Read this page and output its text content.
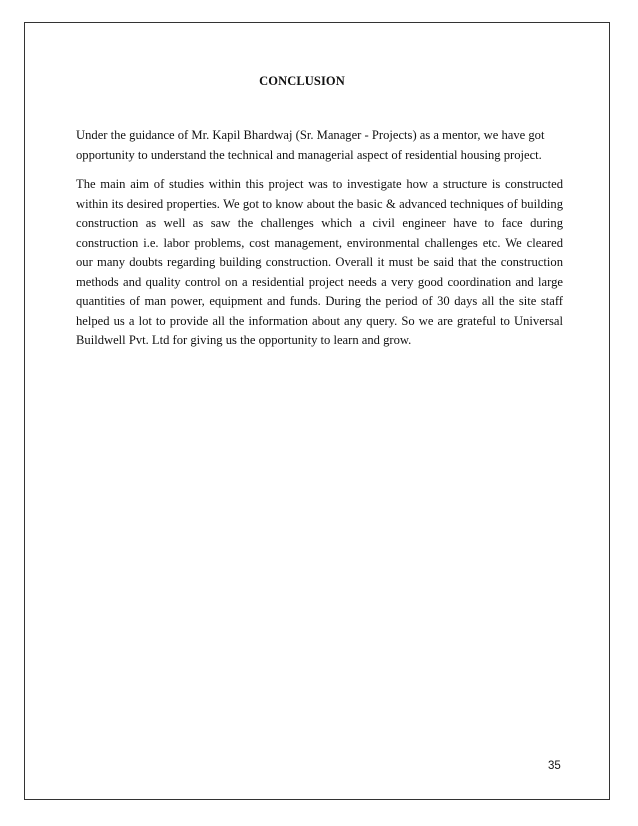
CONCLUSION

Under the guidance of Mr. Kapil Bhardwaj (Sr. Manager - Projects) as a mentor, we have got opportunity to understand the technical and managerial aspect of residential housing project.

The main aim of studies within this project was to investigate how a structure is constructed within its desired properties. We got to know about the basic & advanced techniques of building construction as well as saw the challenges which a civil engineer have to face during construction i.e. labor problems, cost management, environmental challenges etc. We cleared our many doubts regarding building construction. Overall it must be said that the construction methods and quality control on a residential project needs a very good coordination and large quantities of man power, equipment and funds. During the period of 30 days all the site staff helped us a lot to provide all the information about any query. So we are grateful to Universal Buildwell Pvt. Ltd for giving us the opportunity to learn and grow.

35
